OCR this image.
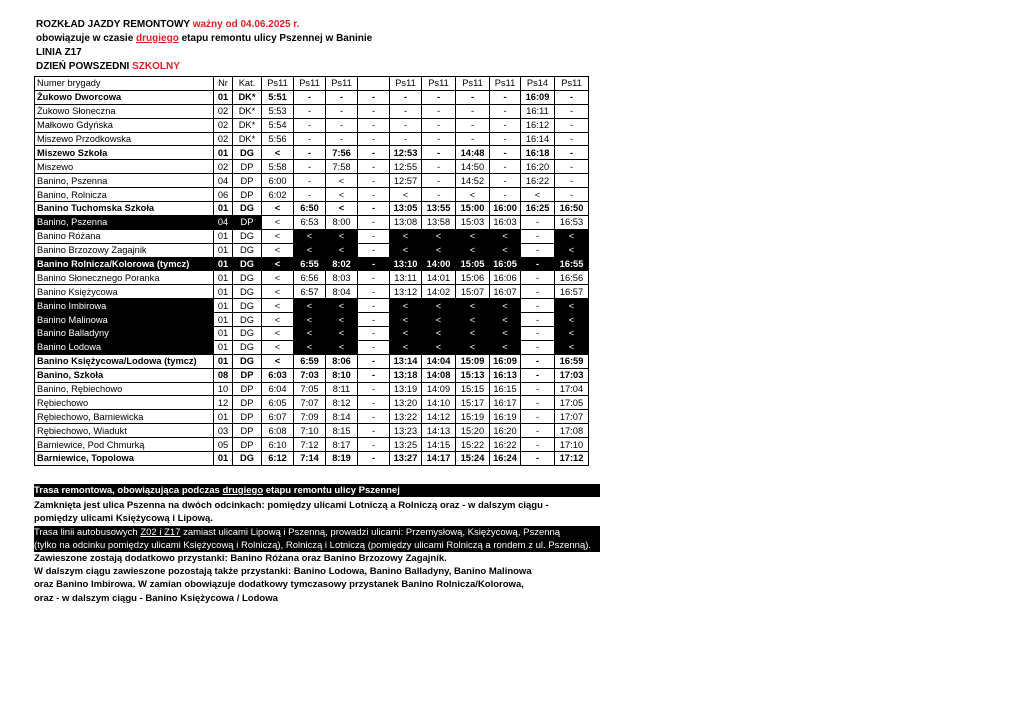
ROZKŁAD JAZDY REMONTOWY ważny od 04.06.2025 r.
obowiązuje w czasie drugiego etapu remontu ulicy Pszennej w Baninie
LINIA Z17
DZIEŃ POWSZEDNI SZKOLNY
Numer brygady	Nr	Kat.	Ps11	Ps11	Ps11		Ps11	Ps11	Ps11	Ps11	Ps14	Ps11
Żukowo Dworcowa	01	DK*	5:51	-	-	-	-	-	-	-	16:09	-
Żukowo Słoneczna	02	DK*	5:53	-	-	-	-	-	-	-	16:11	-
Małkowo Gdyńska	02	DK*	5:54	-	-	-	-	-	-	-	16:12	-
Miszewo Przodkowska	02	DK*	5:56	-	-	-	-	-	-	-	16:14	-
Miszewo Szkoła	01	DG	<	-	7:56	-	12:53	-	14:48	-	16:18	-
Miszewo	02	DP	5:58	-	7:58	-	12:55	-	14:50	-	16:20	-
Banino, Pszenna	04	DP	6:00	-	<	-	12:57	-	14:52	-	16:22	-
Banino, Rolnicza	06	DP	6:02	-	<	-	<	-	<	-	<	-
Banino Tuchomska Szkoła	01	DG	<	6:50	<	-	13:05	13:55	15:00	16:00	16:25	16:50
Banino, Pszenna	04	DP	<	6:53	8:00	-	13:08	13:58	15:03	16:03	-	16:53
Banino Różana	01	DG	<	<	<	-	<	<	<	<	-	<
Banino Brzozowy Zagajnik	01	DG	<	<	<	-	<	<	<	<	-	<
Banino Rolnicza/Kolorowa (tymcz)	01	DG	<	6:55	8:02	-	13:10	14:00	15:05	16:05	-	16:55
Banino Słonecznego Poranka	01	DG	<	6:56	8:03	-	13:11	14:01	15:06	16:06	-	16:56
Banino Księżycowa	01	DG	<	6:57	8:04	-	13:12	14:02	15:07	16:07	-	16:57
Banino Imbirowa	01	DG	<	<	<	-	<	<	<	<	-	<
Banino Malinowa	01	DG	<	<	<	-	<	<	<	<	-	<
Banino Balladyny	01	DG	<	<	<	-	<	<	<	<	-	<
Banino Lodowa	01	DG	<	<	<	-	<	<	<	<	-	<
Banino Księżycowa/Lodowa (tymcz)	01	DG	<	6:59	8:06	-	13:14	14:04	15:09	16:09	-	16:59
Banino, Szkoła	08	DP	6:03	7:03	8:10	-	13:18	14:08	15:13	16:13	-	17:03
Banino, Rębiechowo	10	DP	6:04	7:05	8:11	-	13:19	14:09	15:15	16:15	-	17:04
Rębiechowo	12	DP	6:05	7:07	8:12	-	13:20	14:10	15:17	16:17	-	17:05
Rębiechowo, Barniewicka	01	DP	6:07	7:09	8:14	-	13:22	14:12	15:19	16:19	-	17:07
Rębiechowo, Wiadukt	03	DP	6:08	7:10	8:15	-	13:23	14:13	15:20	16:20	-	17:08
Barniewice, Pod Chmurką	05	DP	6:10	7:12	8:17	-	13:25	14:15	15:22	16:22	-	17:10
Barniewice, Topolowa	01	DG	6:12	7:14	8:19	-	13:27	14:17	15:24	16:24	-	17:12
Trasa remontowa, obowiązująca podczas drugiego etapu remontu ulicy Pszennej
Zamknięta jest ulica Pszenna na dwóch odcinkach: pomiędzy ulicami Lotniczą a Rolniczą oraz - w dalszym ciągu -
pomiędzy ulicami Księżycową i Lipową.
Trasa linii autobusowych Z02 i Z17 zamiast ulicami Lipową i Pszenną, prowadzi ulicami: Przemysłową, Księżycową, Pszenną
(tylko na odcinku pomiędzy ulicami Księżycową i Rolniczą), Rolniczą i Lotniczą (pomiędzy ulicami Rolniczą a rondem z ul. Pszenną).
Zawieszone zostają dodatkowo przystanki: Banino Różana oraz Banino Brzozowy Zagajnik.
W dalszym ciągu zawieszone pozostają także przystanki: Banino Lodowa, Banino Balladyny, Banino Malinowa
oraz Banino Imbirowa. W zamian obowiązuje dodatkowy tymczasowy przystanek Banino Rolnicza/Kolorowa,
oraz - w dalszym ciągu - Banino Księżycowa / Lodowa
